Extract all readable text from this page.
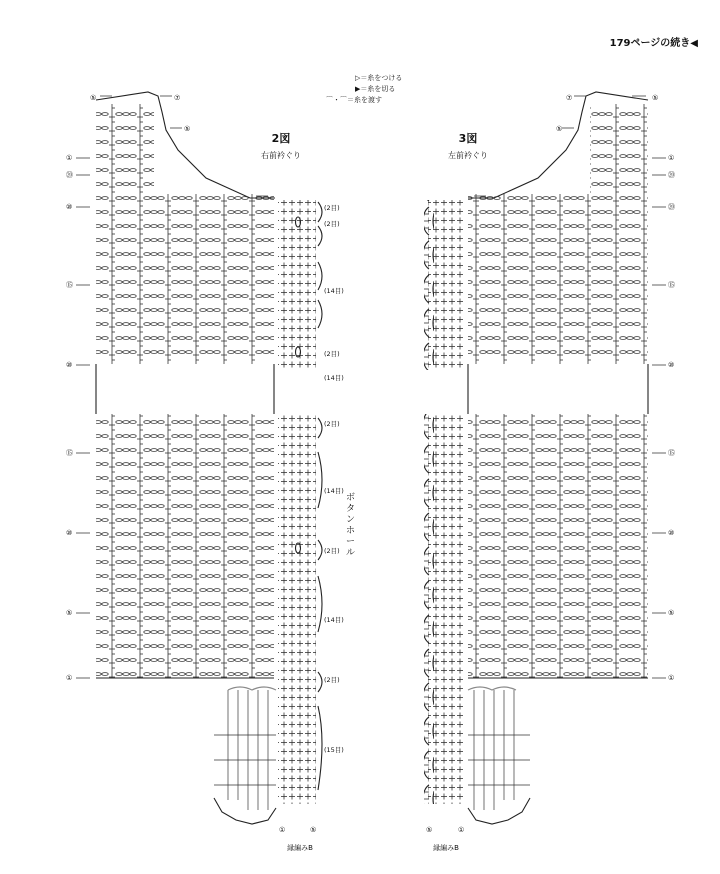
179ページの続き◀
▷＝糸をつける
▶＝糸を切る
⌒・⌒＝糸を渡す
2図
右前衿ぐり
(2目)
(2目)
(14目)
(2目)
(14目)
(2目)
(14目)
(2目)
(14目)
(2目)
(15目)
ボタンホール
⑤	⑦
⑤
①
⑳
⑩
⑮
⑩
⑮
⑩
⑤
①
①	⑤
縁編みB
3図
左前衿ぐり
⑦	⑤
⑤
①
⑳
⑳
⑮
⑩
⑮
⑩
⑤
①
⑤	①
縁編みB
